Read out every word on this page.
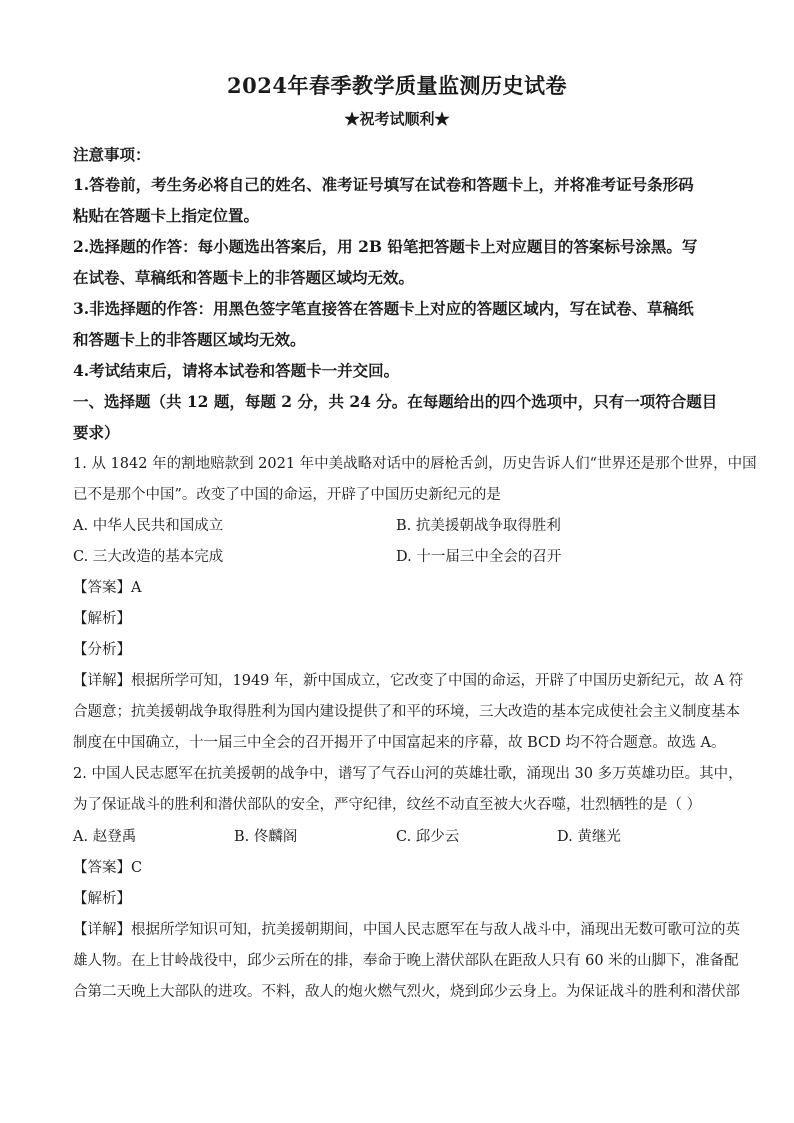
2024年春季教学质量监测历史试卷
★祝考试顺利★
注意事项：
1.答卷前，考生务必将自己的姓名、准考证号填写在试卷和答题卡上，并将准考证号条形码
粘贴在答题卡上指定位置。
2.选择题的作答：每小题选出答案后，用 2B 铅笔把答题卡上对应题目的答案标号涂黑。写
在试卷、草稿纸和答题卡上的非答题区域均无效。
3.非选择题的作答：用黑色签字笔直接答在答题卡上对应的答题区域内，写在试卷、草稿纸
和答题卡上的非答题区域均无效。
4.考试结束后，请将本试卷和答题卡一并交回。
一、选择题（共 12 题，每题 2 分，共 24 分。在每题给出的四个选项中，只有一项符合题目
要求）
1. 从 1842 年的割地赔款到 2021 年中美战略对话中的唇枪舌剑，历史告诉人们“世界还是那个世界，中国
已不是那个中国”。改变了中国的命运，开辟了中国历史新纪元的是
A. 中华人民共和国成立	B. 抗美援朝战争取得胜利
C. 三大改造的基本完成	D. 十一届三中全会的召开
【答案】A
【解析】
【分析】
【详解】根据所学可知，1949 年，新中国成立，它改变了中国的命运，开辟了中国历史新纪元，故 A 符
合题意；抗美援朝战争取得胜利为国内建设提供了和平的环境，三大改造的基本完成使社会主义制度基本
制度在中国确立，十一届三中全会的召开揭开了中国富起来的序幕，故 BCD 均不符合题意。故选 A。
2. 中国人民志愿军在抗美援朝的战争中，谱写了气吞山河的英雄壮歌，涌现出 30 多万英雄功臣。其中，
为了保证战斗的胜利和潜伏部队的安全，严守纪律，纹丝不动直至被大火吞噬，壮烈牺牲的是（ ）
A. 赵登禹	B. 佟麟阁	C. 邱少云	D. 黄继光
【答案】C
【解析】
【详解】根据所学知识可知，抗美援朝期间，中国人民志愿军在与敌人战斗中，涌现出无数可歌可泣的英
雄人物。在上甘岭战役中，邱少云所在的排，奉命于晚上潜伏部队在距敌人只有 60 米的山脚下，准备配
合第二天晚上大部队的进攻。不料，敌人的炮火燃气烈火，烧到邱少云身上。为保证战斗的胜利和潜伏部
